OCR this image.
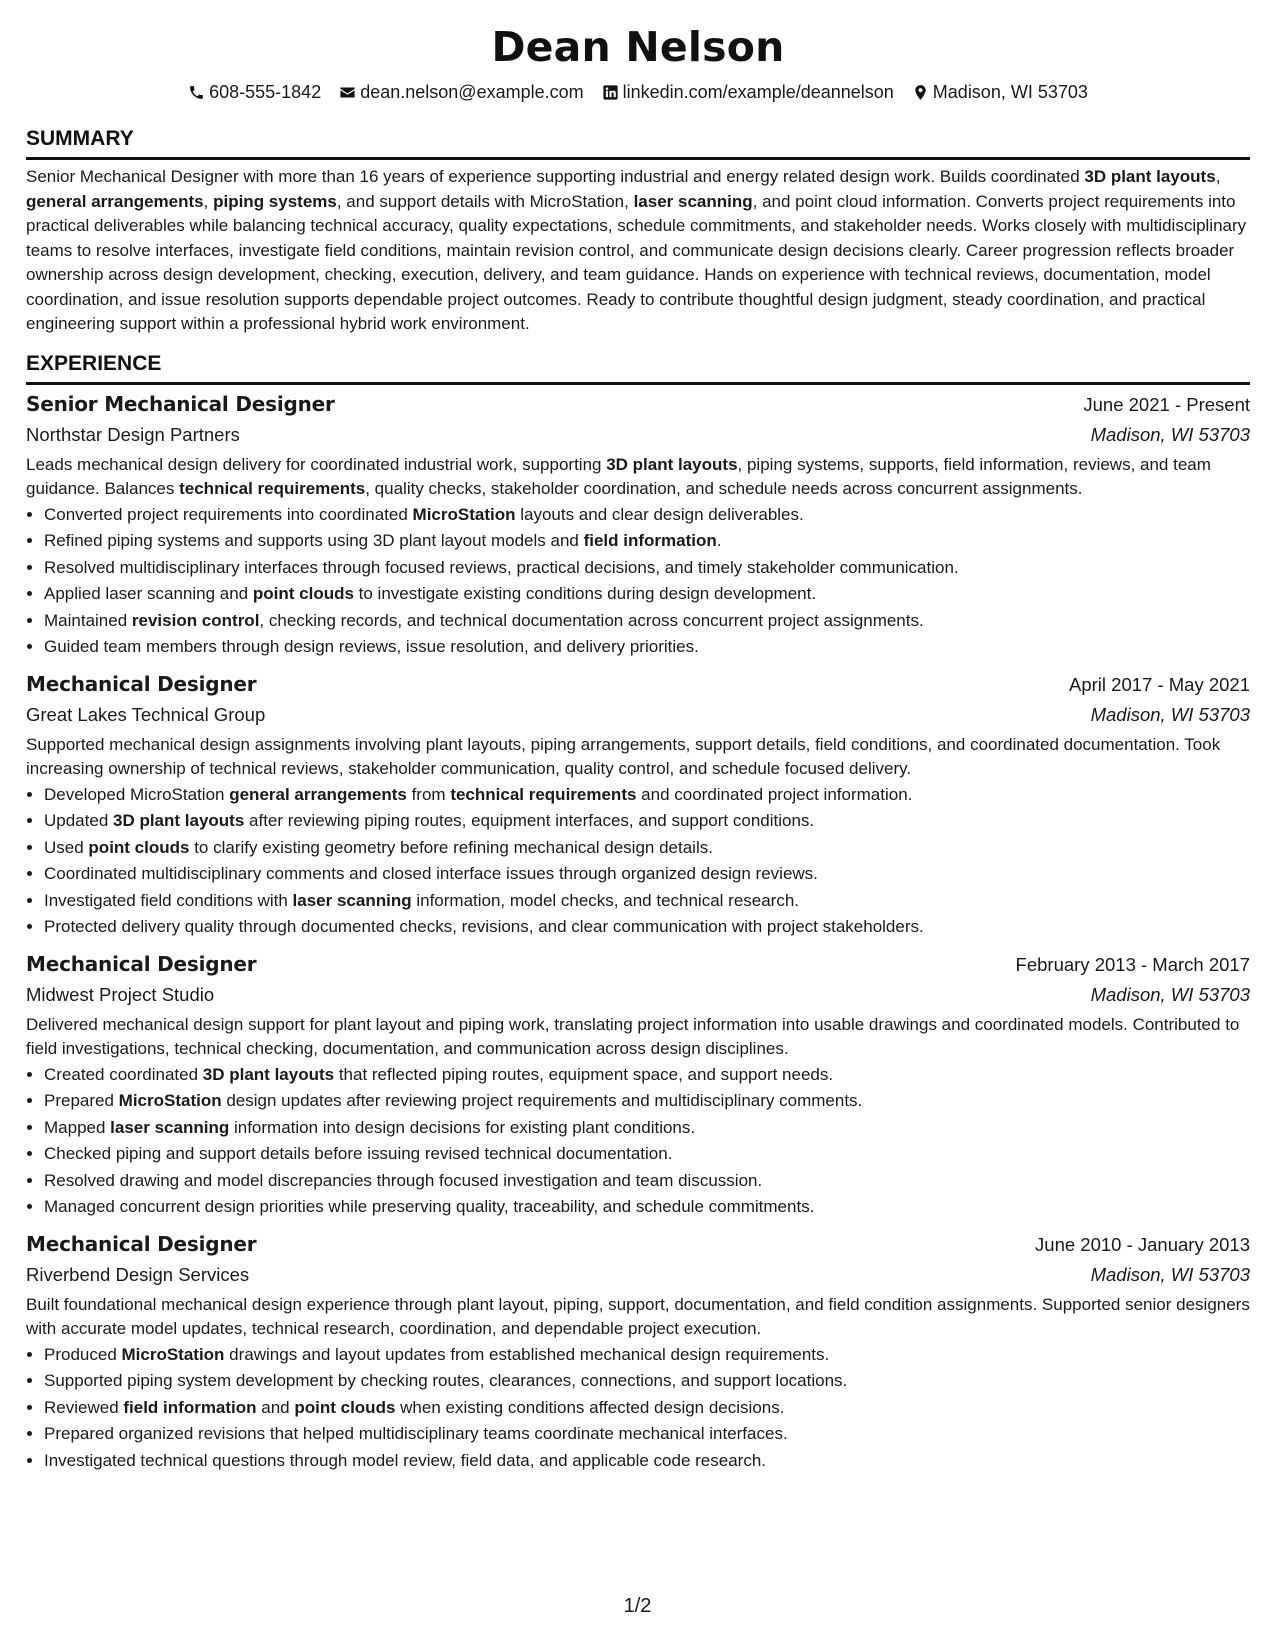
Dean Nelson
608-555-1842 dean.nelson@example.com linkedin.com/example/deannelson Madison, WI 53703
SUMMARY

Senior Mechanical Designer with more than 16 years of experience supporting industrial and energy related design work. Builds coordinated 3D plant layouts, general arrangements, piping systems, and support details with MicroStation, laser scanning, and point cloud information. Converts project requirements into practical deliverables while balancing technical accuracy, quality expectations, schedule commitments, and stakeholder needs. Works closely with multidisciplinary teams to resolve interfaces, investigate field conditions, maintain revision control, and communicate design decisions clearly. Career progression reflects broader ownership across design development, checking, execution, delivery, and team guidance. Hands on experience with technical reviews, documentation, model coordination, and issue resolution supports dependable project outcomes. Ready to contribute thoughtful design judgment, steady coordination, and practical engineering support within a professional hybrid work environment.

EXPERIENCE
Senior Mechanical Designer	June 2021 - Present
Northstar Design Partners	Madison, WI 53703

Leads mechanical design delivery for coordinated industrial work, supporting 3D plant layouts, piping systems, supports, field information, reviews, and team guidance. Balances technical requirements, quality checks, stakeholder coordination, and schedule needs across concurrent assignments.

• Converted project requirements into coordinated MicroStation layouts and clear design deliverables.
• Refined piping systems and supports using 3D plant layout models and field information.
• Resolved multidisciplinary interfaces through focused reviews, practical decisions, and timely stakeholder communication.
• Applied laser scanning and point clouds to investigate existing conditions during design development.
• Maintained revision control, checking records, and technical documentation across concurrent project assignments.
• Guided team members through design reviews, issue resolution, and delivery priorities.
Mechanical Designer	April 2017 - May 2021
Great Lakes Technical Group	Madison, WI 53703

Supported mechanical design assignments involving plant layouts, piping arrangements, support details, field conditions, and coordinated documentation. Took increasing ownership of technical reviews, stakeholder communication, quality control, and schedule focused delivery.

• Developed MicroStation general arrangements from technical requirements and coordinated project information.
• Updated 3D plant layouts after reviewing piping routes, equipment interfaces, and support conditions.
• Used point clouds to clarify existing geometry before refining mechanical design details.
• Coordinated multidisciplinary comments and closed interface issues through organized design reviews.
• Investigated field conditions with laser scanning information, model checks, and technical research.
• Protected delivery quality through documented checks, revisions, and clear communication with project stakeholders.
Mechanical Designer	February 2013 - March 2017
Midwest Project Studio	Madison, WI 53703

Delivered mechanical design support for plant layout and piping work, translating project information into usable drawings and coordinated models. Contributed to field investigations, technical checking, documentation, and communication across design disciplines.

• Created coordinated 3D plant layouts that reflected piping routes, equipment space, and support needs.
• Prepared MicroStation design updates after reviewing project requirements and multidisciplinary comments.
• Mapped laser scanning information into design decisions for existing plant conditions.
• Checked piping and support details before issuing revised technical documentation.
• Resolved drawing and model discrepancies through focused investigation and team discussion.
• Managed concurrent design priorities while preserving quality, traceability, and schedule commitments.
Mechanical Designer	June 2010 - January 2013
Riverbend Design Services	Madison, WI 53703

Built foundational mechanical design experience through plant layout, piping, support, documentation, and field condition assignments. Supported senior designers with accurate model updates, technical research, coordination, and dependable project execution.

• Produced MicroStation drawings and layout updates from established mechanical design requirements.
• Supported piping system development by checking routes, clearances, connections, and support locations.
• Reviewed field information and point clouds when existing conditions affected design decisions.
• Prepared organized revisions that helped multidisciplinary teams coordinate mechanical interfaces.
• Investigated technical questions through model review, field data, and applicable code research.
1/2
